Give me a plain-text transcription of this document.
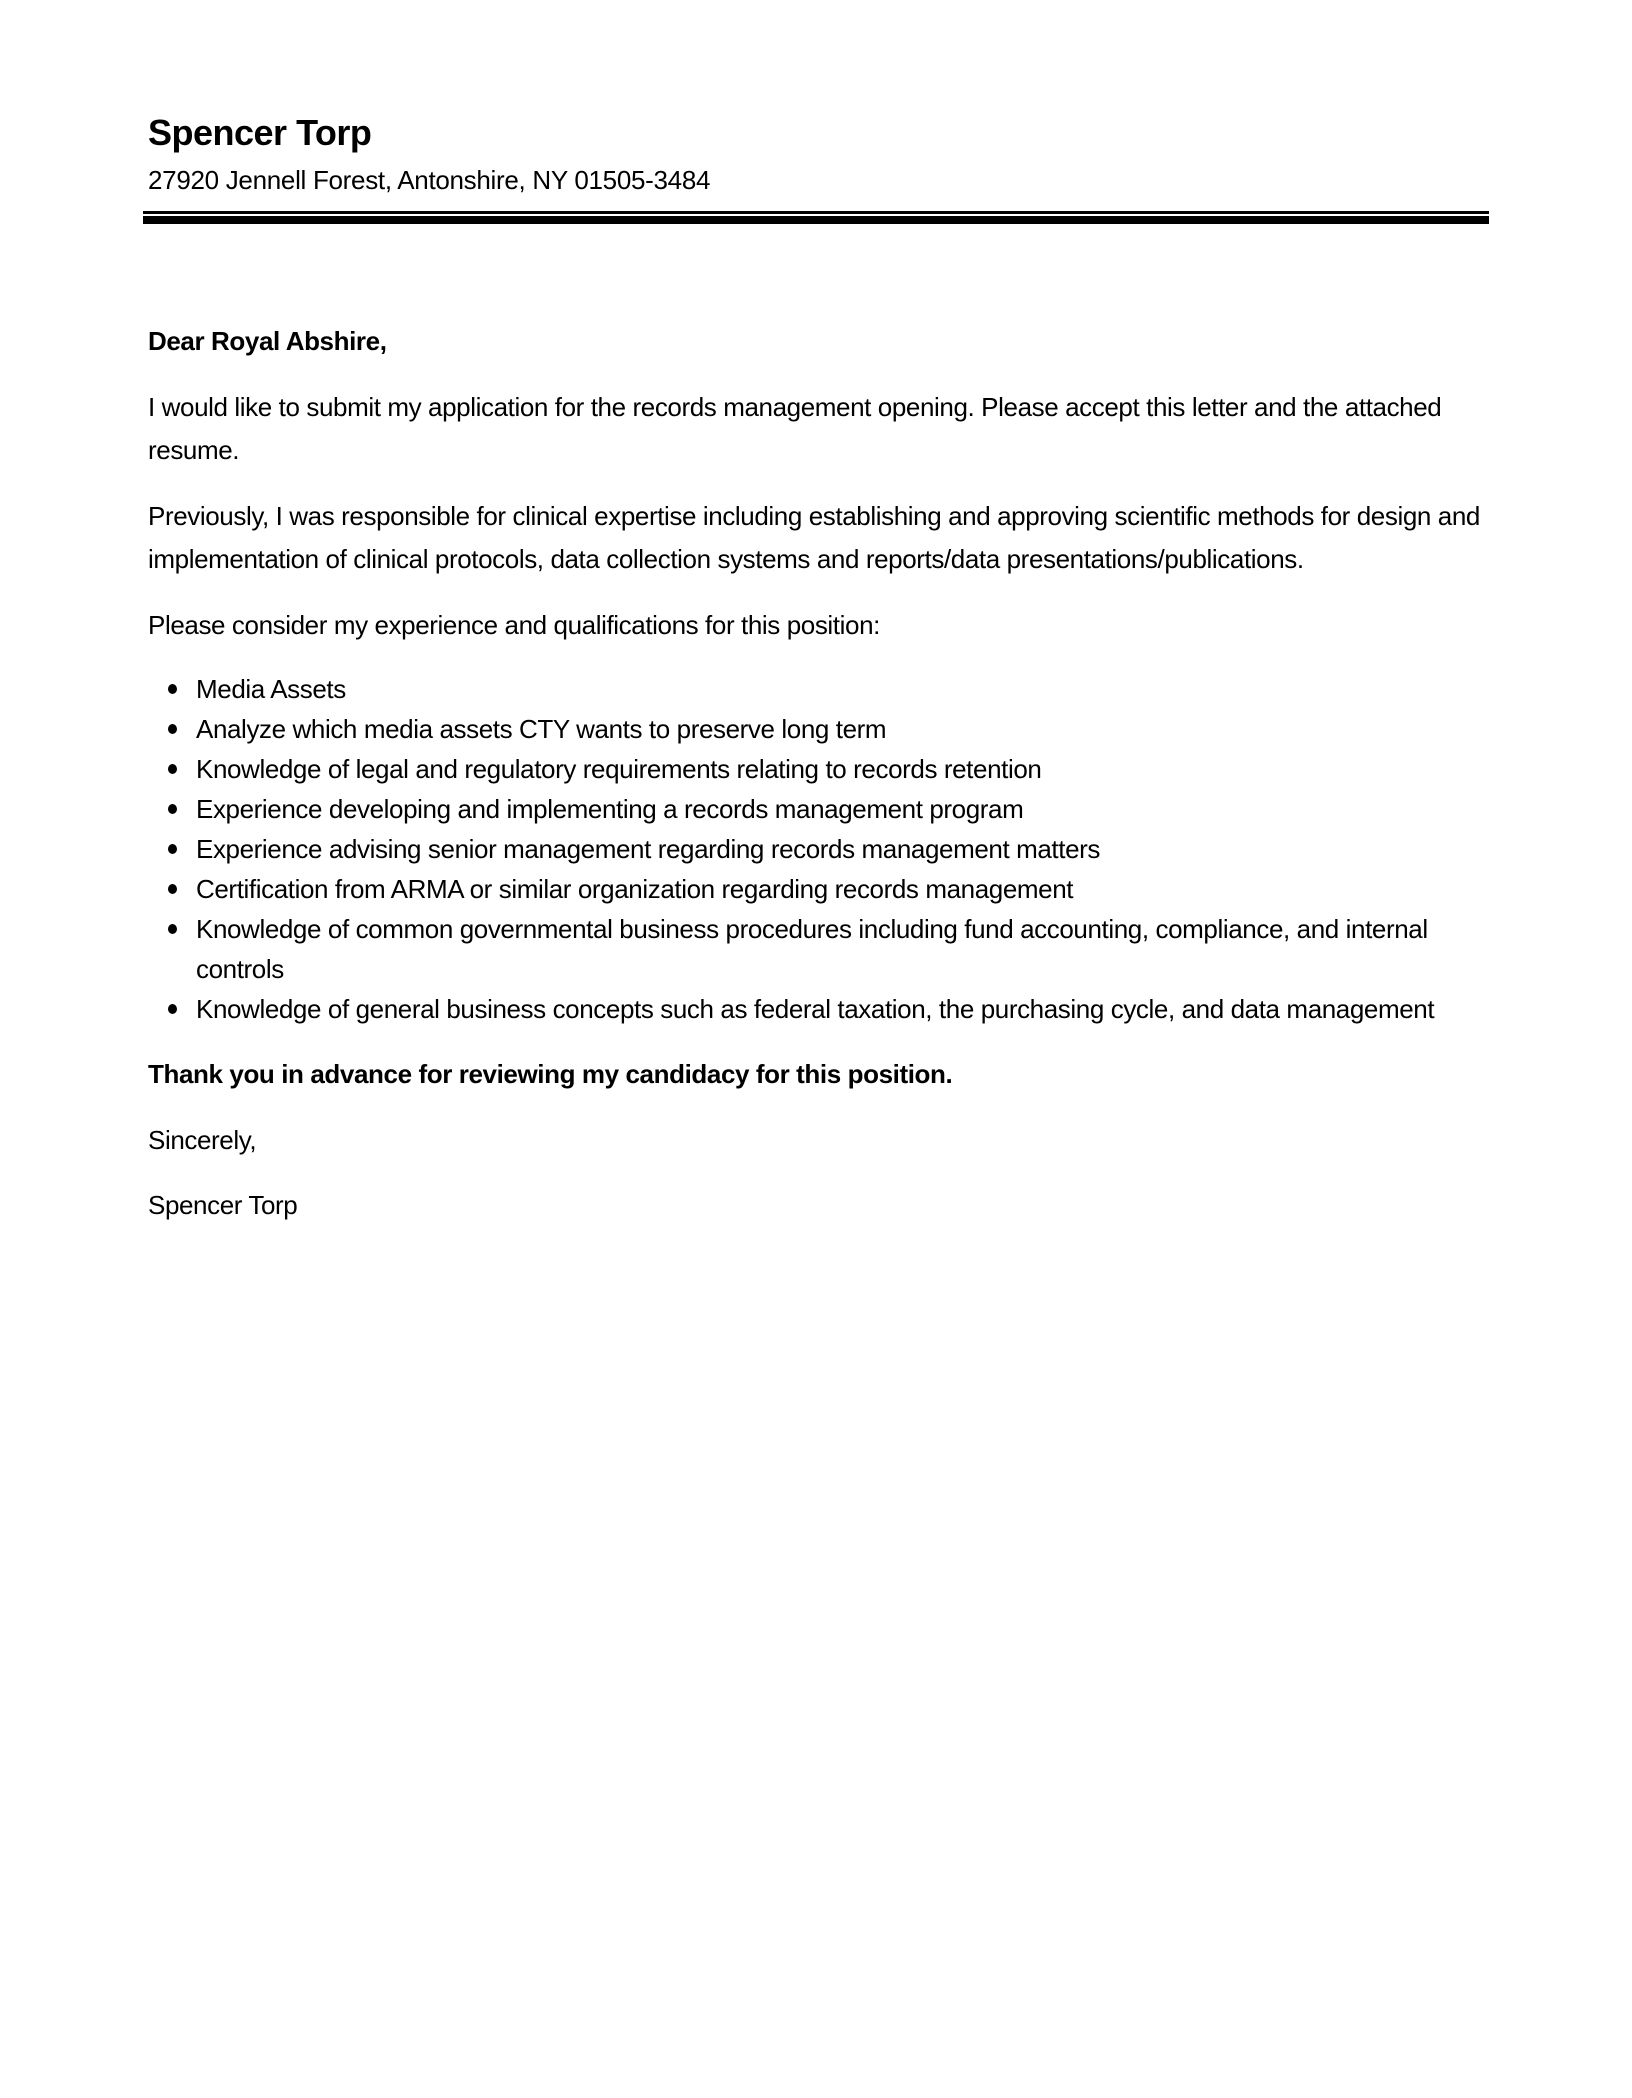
Spencer Torp
27920 Jennell Forest, Antonshire, NY 01505-3484

Dear Royal Abshire,

I would like to submit my application for the records management opening. Please accept this letter and the attached resume.

Previously, I was responsible for clinical expertise including establishing and approving scientific methods for design and implementation of clinical protocols, data collection systems and reports/data presentations/publications.

Please consider my experience and qualifications for this position:

Media Assets
Analyze which media assets CTY wants to preserve long term
Knowledge of legal and regulatory requirements relating to records retention
Experience developing and implementing a records management program
Experience advising senior management regarding records management matters
Certification from ARMA or similar organization regarding records management
Knowledge of common governmental business procedures including fund accounting, compliance, and internal controls
Knowledge of general business concepts such as federal taxation, the purchasing cycle, and data management

Thank you in advance for reviewing my candidacy for this position.

Sincerely,

Spencer Torp
